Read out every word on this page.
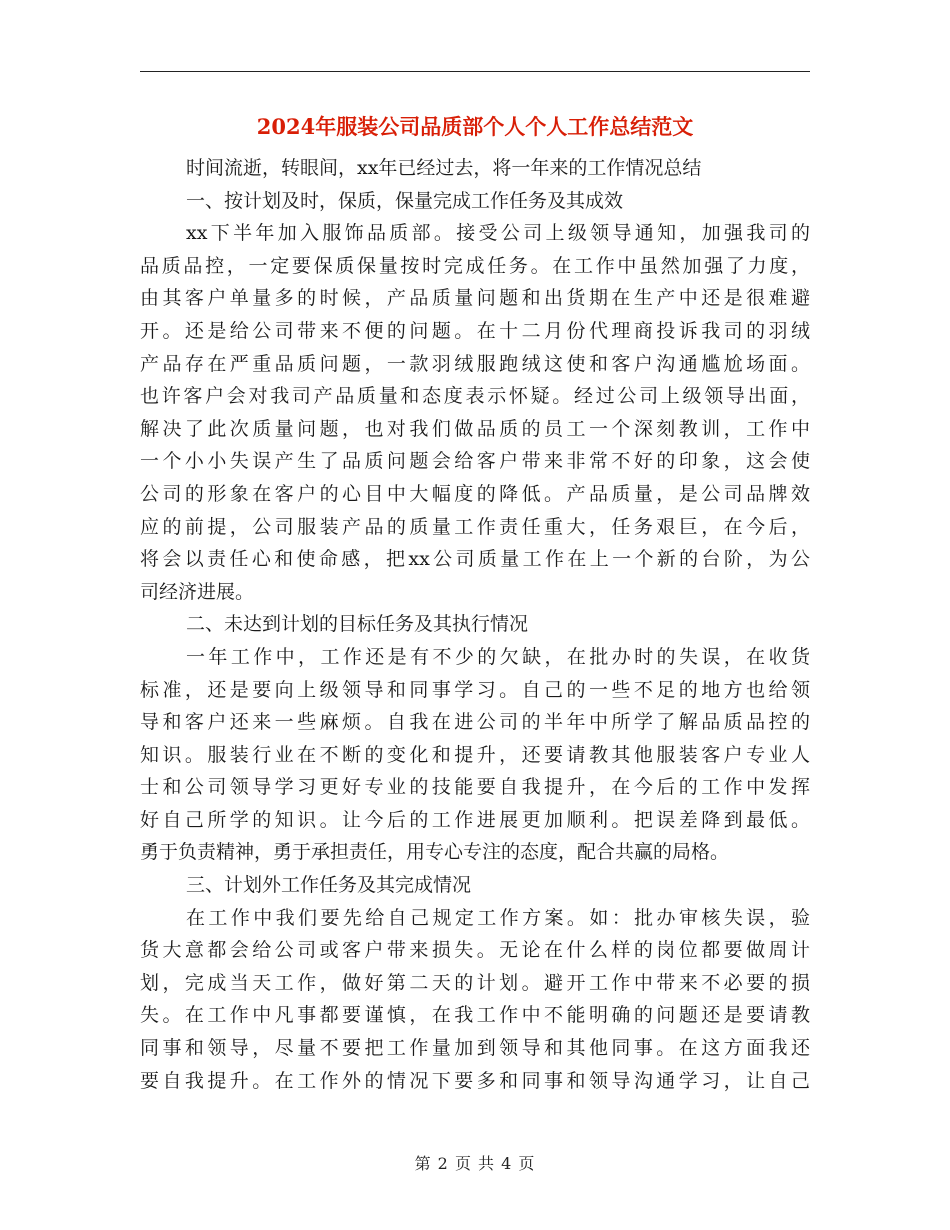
2024年服装公司品质部个人个人工作总结范文
时间流逝，转眼间，xx年已经过去，将一年来的工作情况总结
一、按计划及时，保质，保量完成工作任务及其成效
xx下半年加入服饰品质部。接受公司上级领导通知，加强我司的
品质品控，一定要保质保量按时完成任务。在工作中虽然加强了力度，
由其客户单量多的时候，产品质量问题和出货期在生产中还是很难避
开。还是给公司带来不便的问题。在十二月份代理商投诉我司的羽绒
产品存在严重品质问题，一款羽绒服跑绒这使和客户沟通尴尬场面。
也许客户会对我司产品质量和态度表示怀疑。经过公司上级领导出面，
解决了此次质量问题，也对我们做品质的员工一个深刻教训，工作中
一个小小失误产生了品质问题会给客户带来非常不好的印象，这会使
公司的形象在客户的心目中大幅度的降低。产品质量，是公司品牌效
应的前提，公司服装产品的质量工作责任重大，任务艰巨，在今后，
将会以责任心和使命感，把xx公司质量工作在上一个新的台阶，为公
司经济进展。
二、未达到计划的目标任务及其执行情况
一年工作中，工作还是有不少的欠缺，在批办时的失误，在收货
标准，还是要向上级领导和同事学习。自己的一些不足的地方也给领
导和客户还来一些麻烦。自我在进公司的半年中所学了解品质品控的
知识。服装行业在不断的变化和提升，还要请教其他服装客户专业人
士和公司领导学习更好专业的技能要自我提升，在今后的工作中发挥
好自己所学的知识。让今后的工作进展更加顺利。把误差降到最低。
勇于负责精神，勇于承担责任，用专心专注的态度，配合共赢的局格。
三、计划外工作任务及其完成情况
在工作中我们要先给自己规定工作方案。如：批办审核失误，验
货大意都会给公司或客户带来损失。无论在什么样的岗位都要做周计
划，完成当天工作，做好第二天的计划。避开工作中带来不必要的损
失。在工作中凡事都要谨慎，在我工作中不能明确的问题还是要请教
同事和领导，尽量不要把工作量加到领导和其他同事。在这方面我还
要自我提升。在工作外的情况下要多和同事和领导沟通学习，让自己
第 2 页 共 4 页
